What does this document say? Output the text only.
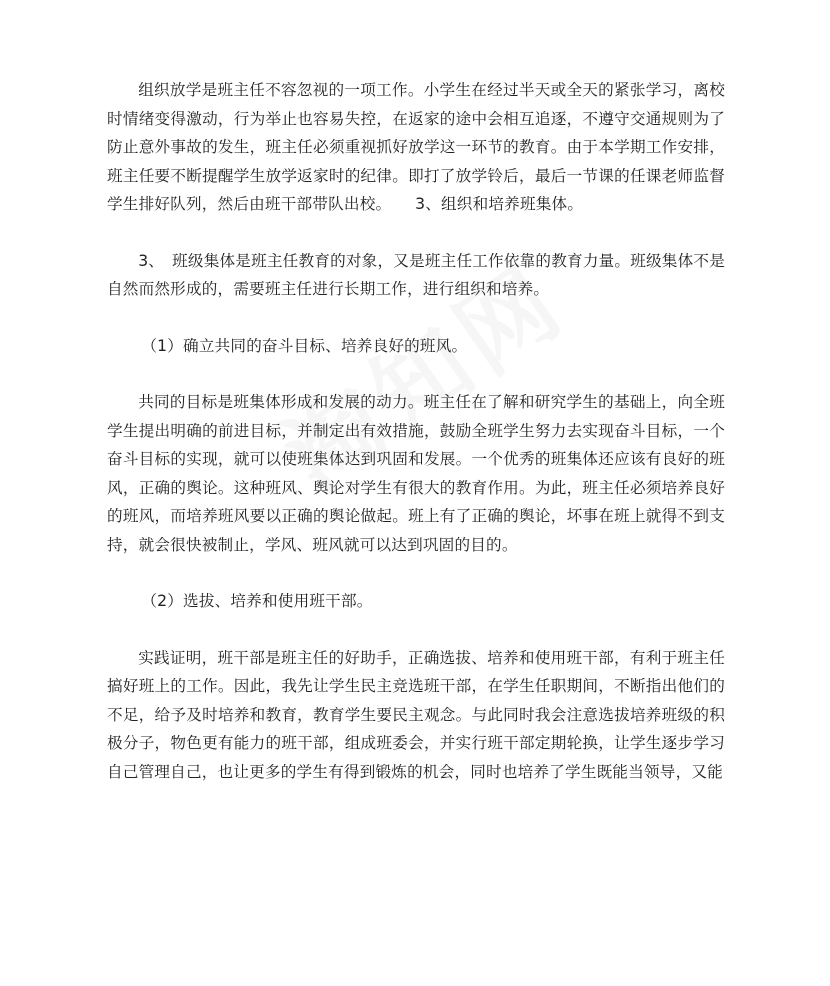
组织放学是班主任不容忽视的一项工作。小学生在经过半天或全天的紧张学习，离校时情绪变得激动，行为举止也容易失控，在返家的途中会相互追逐，不遵守交通规则为了防止意外事故的发生，班主任必须重视抓好放学这一环节的教育。由于本学期工作安排，班主任要不断提醒学生放学返家时的纪律。即打了放学铃后，最后一节课的任课老师监督学生排好队列，然后由班干部带队出校。　　3、组织和培养班集体。

3、　班级集体是班主任教育的对象，又是班主任工作依靠的教育力量。班级集体不是自然而然形成的，需要班主任进行长期工作，进行组织和培养。

（1）确立共同的奋斗目标、培养良好的班风。

共同的目标是班集体形成和发展的动力。班主任在了解和研究学生的基础上，向全班学生提出明确的前进目标，并制定出有效措施，鼓励全班学生努力去实现奋斗目标，一个奋斗目标的实现，就可以使班集体达到巩固和发展。一个优秀的班集体还应该有良好的班风，正确的舆论。这种班风、舆论对学生有很大的教育作用。为此，班主任必须培养良好的班风，而培养班风要以正确的舆论做起。班上有了正确的舆论，坏事在班上就得不到支持，就会很快被制止，学风、班风就可以达到巩固的目的。

（2）选拔、培养和使用班干部。

实践证明，班干部是班主任的好助手，正确选拔、培养和使用班干部，有利于班主任搞好班上的工作。因此，我先让学生民主竞选班干部，在学生任职期间，不断指出他们的不足，给予及时培养和教育，教育学生要民主观念。与此同时我会注意选拔培养班级的积极分子，物色更有能力的班干部，组成班委会，并实行班干部定期轮换，让学生逐步学习自己管理自己，也让更多的学生有得到锻炼的机会，同时也培养了学生既能当领导，又能
